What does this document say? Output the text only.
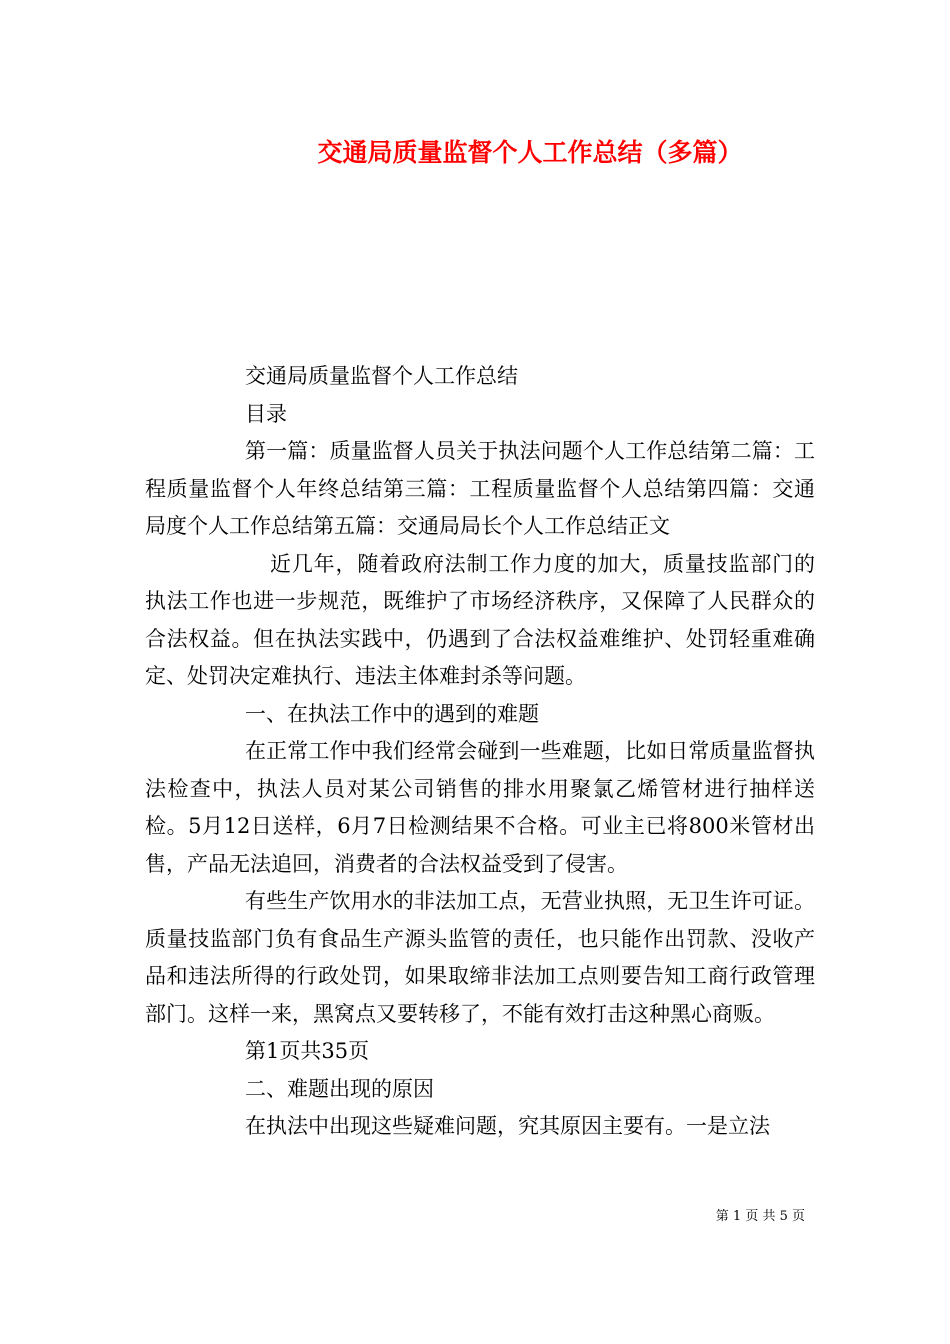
交通局质量监督个人工作总结（多篇）

交通局质量监督个人工作总结

目录

第一篇：质量监督人员关于执法问题个人工作总结第二篇：工程质量监督个人年终总结第三篇：工程质量监督个人总结第四篇：交通局度个人工作总结第五篇：交通局局长个人工作总结正文

近几年，随着政府法制工作力度的加大，质量技监部门的执法工作也进一步规范，既维护了市场经济秩序，又保障了人民群众的合法权益。但在执法实践中，仍遇到了合法权益难维护、处罚轻重难确定、处罚决定难执行、违法主体难封杀等问题。

一、在执法工作中的遇到的难题

在正常工作中我们经常会碰到一些难题，比如日常质量监督执法检查中，执法人员对某公司销售的排水用聚氯乙烯管材进行抽样送检。5月12日送样，6月7日检测结果不合格。可业主已将800米管材出售，产品无法追回，消费者的合法权益受到了侵害。

有些生产饮用水的非法加工点，无营业执照，无卫生许可证。质量技监部门负有食品生产源头监管的责任，也只能作出罚款、没收产品和违法所得的行政处罚，如果取缔非法加工点则要告知工商行政管理部门。这样一来，黑窝点又要转移了，不能有效打击这种黑心商贩。

第1页共35页

二、难题出现的原因

在执法中出现这些疑难问题，究其原因主要有。一是立法

第 1 页 共 5 页
